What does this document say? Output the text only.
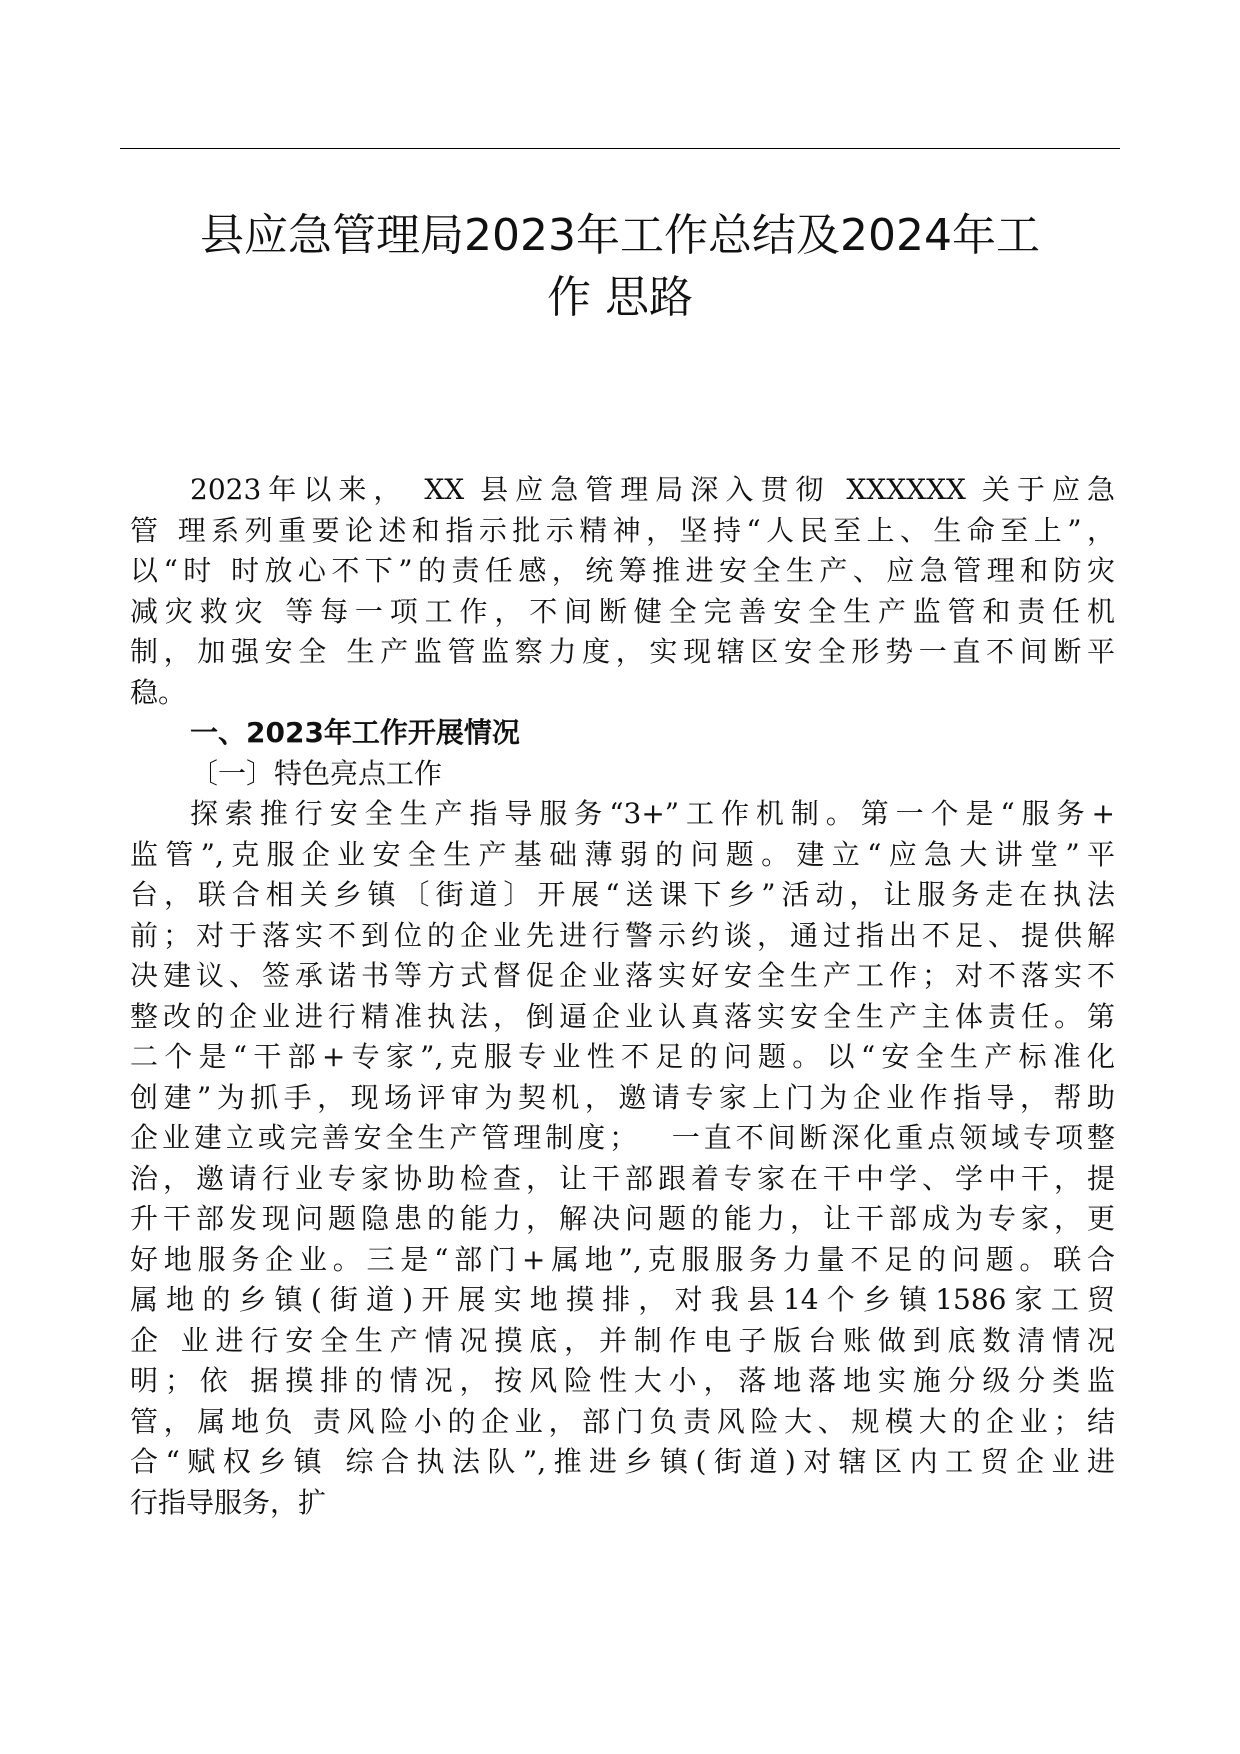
县应急管理局2023年工作总结及2024年工
作 思路
2023年以来， XX 县应急管理局深入贯彻 XXXXXX 关于应急
管 理系列重要论述和指示批示精神，坚持“人民至上、生命至上”，
以“时 时放心不下”的责任感，统筹推进安全生产、应急管理和防灾
减灾救灾 等每一项工作，不间断健全完善安全生产监管和责任机
制，加强安全 生产监管监察力度，实现辖区安全形势一直不间断平
稳。
一、2023年工作开展情况
〔一〕特色亮点工作
探索推行安全生产指导服务“3+”工作机制。第一个是“服务+
监管”,克服企业安全生产基础薄弱的问题。建立“应急大讲堂”平
台，联合相关乡镇〔街道〕开展“送课下乡”活动，让服务走在执法
前；对于落实不到位的企业先进行警示约谈，通过指出不足、提供解
决建议、签承诺书等方式督促企业落实好安全生产工作；对不落实不
整改的企业进行精准执法，倒逼企业认真落实安全生产主体责任。第
二个是“干部+专家”,克服专业性不足的问题。以“安全生产标准化
创建”为抓手，现场评审为契机，邀请专家上门为企业作指导，帮助
企业建立或完善安全生产管理制度；　 一直不间断深化重点领域专项整
治，邀请行业专家协助检查，让干部跟着专家在干中学、学中干，提
升干部发现问题隐患的能力，解决问题的能力，让干部成为专家，更
好地服务企业。三是“部门+属地”,克服服务力量不足的问题。联合
属地的乡镇(街道)开展实地摸排，对我县14个乡镇1586家工贸
企 业进行安全生产情况摸底，并制作电子版台账做到底数清情况
明；依 据摸排的情况，按风险性大小，落地落地实施分级分类监
管，属地负 责风险小的企业，部门负责风险大、规模大的企业；结
合“赋权乡镇 综合执法队”,推进乡镇(街道)对辖区内工贸企业进
行指导服务，扩
